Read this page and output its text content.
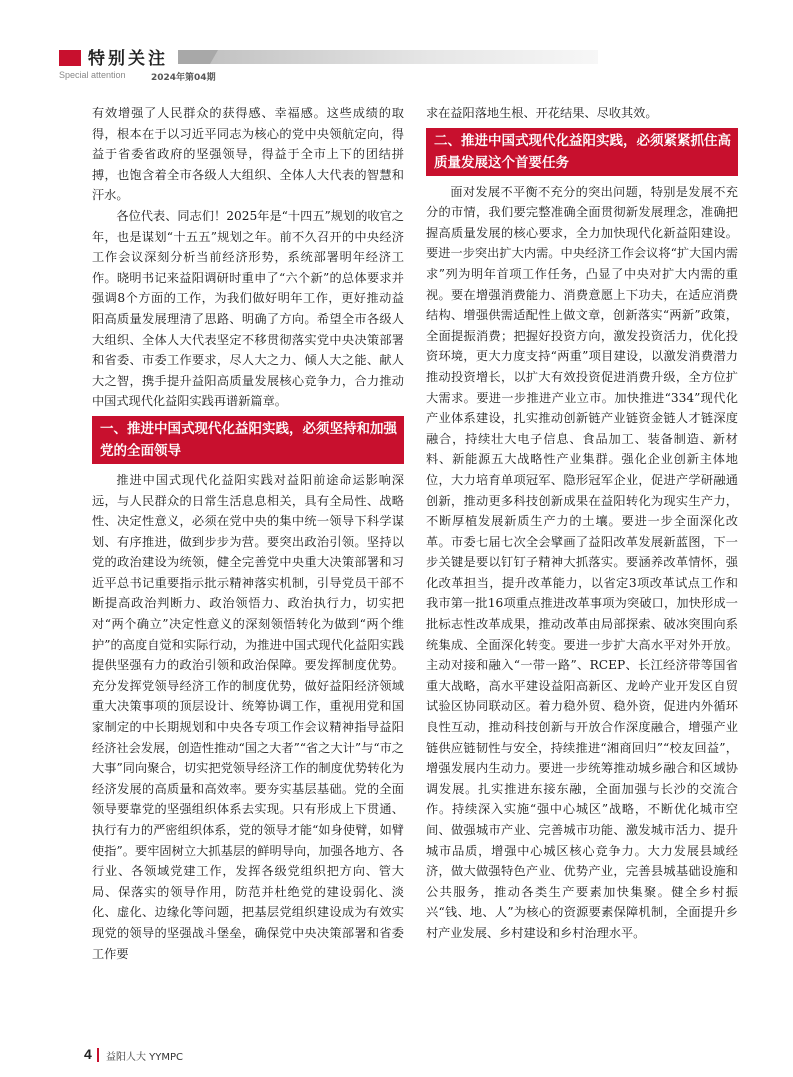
特别关注
Special attention	2024年第04期

有效增强了人民群众的获得感、幸福感。这些成绩的取得，根本在于以习近平同志为核心的党中央领航定向，得益于省委省政府的坚强领导，得益于全市上下的团结拼搏，也饱含着全市各级人大组织、全体人大代表的智慧和汗水。

各位代表、同志们！2025年是“十四五”规划的收官之年，也是谋划“十五五”规划之年。前不久召开的中央经济工作会议深刻分析当前经济形势，系统部署明年经济工作。晓明书记来益阳调研时重申了“六个新”的总体要求并强调8个方面的工作，为我们做好明年工作，更好推动益阳高质量发展理清了思路、明确了方向。希望全市各级人大组织、全体人大代表坚定不移贯彻落实党中央决策部署和省委、市委工作要求，尽人大之力、倾人大之能、献人大之智，携手提升益阳高质量发展核心竞争力，合力推动中国式现代化益阳实践再谱新篇章。

一、推进中国式现代化益阳实践，必须坚持和加强党的全面领导

推进中国式现代化益阳实践对益阳前途命运影响深远，与人民群众的日常生活息息相关，具有全局性、战略性、决定性意义，必须在党中央的集中统一领导下科学谋划、有序推进，做到步步为营。要突出政治引领。坚持以党的政治建设为统领，健全完善党中央重大决策部署和习近平总书记重要指示批示精神落实机制，引导党员干部不断提高政治判断力、政治领悟力、政治执行力，切实把对“两个确立”决定性意义的深刻领悟转化为做到“两个维护”的高度自觉和实际行动，为推进中国式现代化益阳实践提供坚强有力的政治引领和政治保障。要发挥制度优势。充分发挥党领导经济工作的制度优势，做好益阳经济领域重大决策事项的顶层设计、统筹协调工作，重视用党和国家制定的中长期规划和中央各专项工作会议精神指导益阳经济社会发展，创造性推动“国之大者”“省之大计”与“市之大事”同向聚合，切实把党领导经济工作的制度优势转化为经济发展的高质量和高效率。要夯实基层基础。党的全面领导要靠党的坚强组织体系去实现。只有形成上下贯通、执行有力的严密组织体系，党的领导才能“如身使臂，如臂使指”。要牢固树立大抓基层的鲜明导向，加强各地方、各行业、各领域党建工作，发挥各级党组织把方向、管大局、保落实的领导作用，防范并杜绝党的建设弱化、淡化、虚化、边缘化等问题，把基层党组织建设成为有效实现党的领导的坚强战斗堡垒，确保党中央决策部署和省委工作要

求在益阳落地生根、开花结果、尽收其效。

二、推进中国式现代化益阳实践，必须紧紧抓住高质量发展这个首要任务

面对发展不平衡不充分的突出问题，特别是发展不充分的市情，我们要完整准确全面贯彻新发展理念，准确把握高质量发展的核心要求，全力加快现代化新益阳建设。要进一步突出扩大内需。中央经济工作会议将“扩大国内需求”列为明年首项工作任务，凸显了中央对扩大内需的重视。要在增强消费能力、消费意愿上下功夫，在适应消费结构、增强供需适配性上做文章，创新落实“两新”政策，全面提振消费；把握好投资方向，激发投资活力，优化投资环境，更大力度支持“两重”项目建设，以激发消费潜力推动投资增长，以扩大有效投资促进消费升级，全方位扩大需求。要进一步推进产业立市。加快推进“334”现代化产业体系建设，扎实推动创新链产业链资金链人才链深度融合，持续壮大电子信息、食品加工、装备制造、新材料、新能源五大战略性产业集群。强化企业创新主体地位，大力培育单项冠军、隐形冠军企业，促进产学研融通创新，推动更多科技创新成果在益阳转化为现实生产力，不断厚植发展新质生产力的土壤。要进一步全面深化改革。市委七届七次全会擘画了益阳改革发展新蓝图，下一步关键是要以钉钉子精神大抓落实。要涵养改革情怀，强化改革担当，提升改革能力，以省定3项改革试点工作和我市第一批16项重点推进改革事项为突破口，加快形成一批标志性改革成果，推动改革由局部探索、破冰突围向系统集成、全面深化转变。要进一步扩大高水平对外开放。主动对接和融入“一带一路”、RCEP、长江经济带等国省重大战略，高水平建设益阳高新区、龙岭产业开发区自贸试验区协同联动区。着力稳外贸、稳外资，促进内外循环良性互动，推动科技创新与开放合作深度融合，增强产业链供应链韧性与安全，持续推进“湘商回归”“校友回益”，增强发展内生动力。要进一步统筹推动城乡融合和区域协调发展。扎实推进东接东融，全面加强与长沙的交流合作。持续深入实施“强中心城区”战略，不断优化城市空间、做强城市产业、完善城市功能、激发城市活力、提升城市品质，增强中心城区核心竞争力。大力发展县域经济，做大做强特色产业、优势产业，完善县城基础设施和公共服务，推动各类生产要素加快集聚。健全乡村振兴“钱、地、人”为核心的资源要素保障机制，全面提升乡村产业发展、乡村建设和乡村治理水平。

4 益阳人大 YYMPC
